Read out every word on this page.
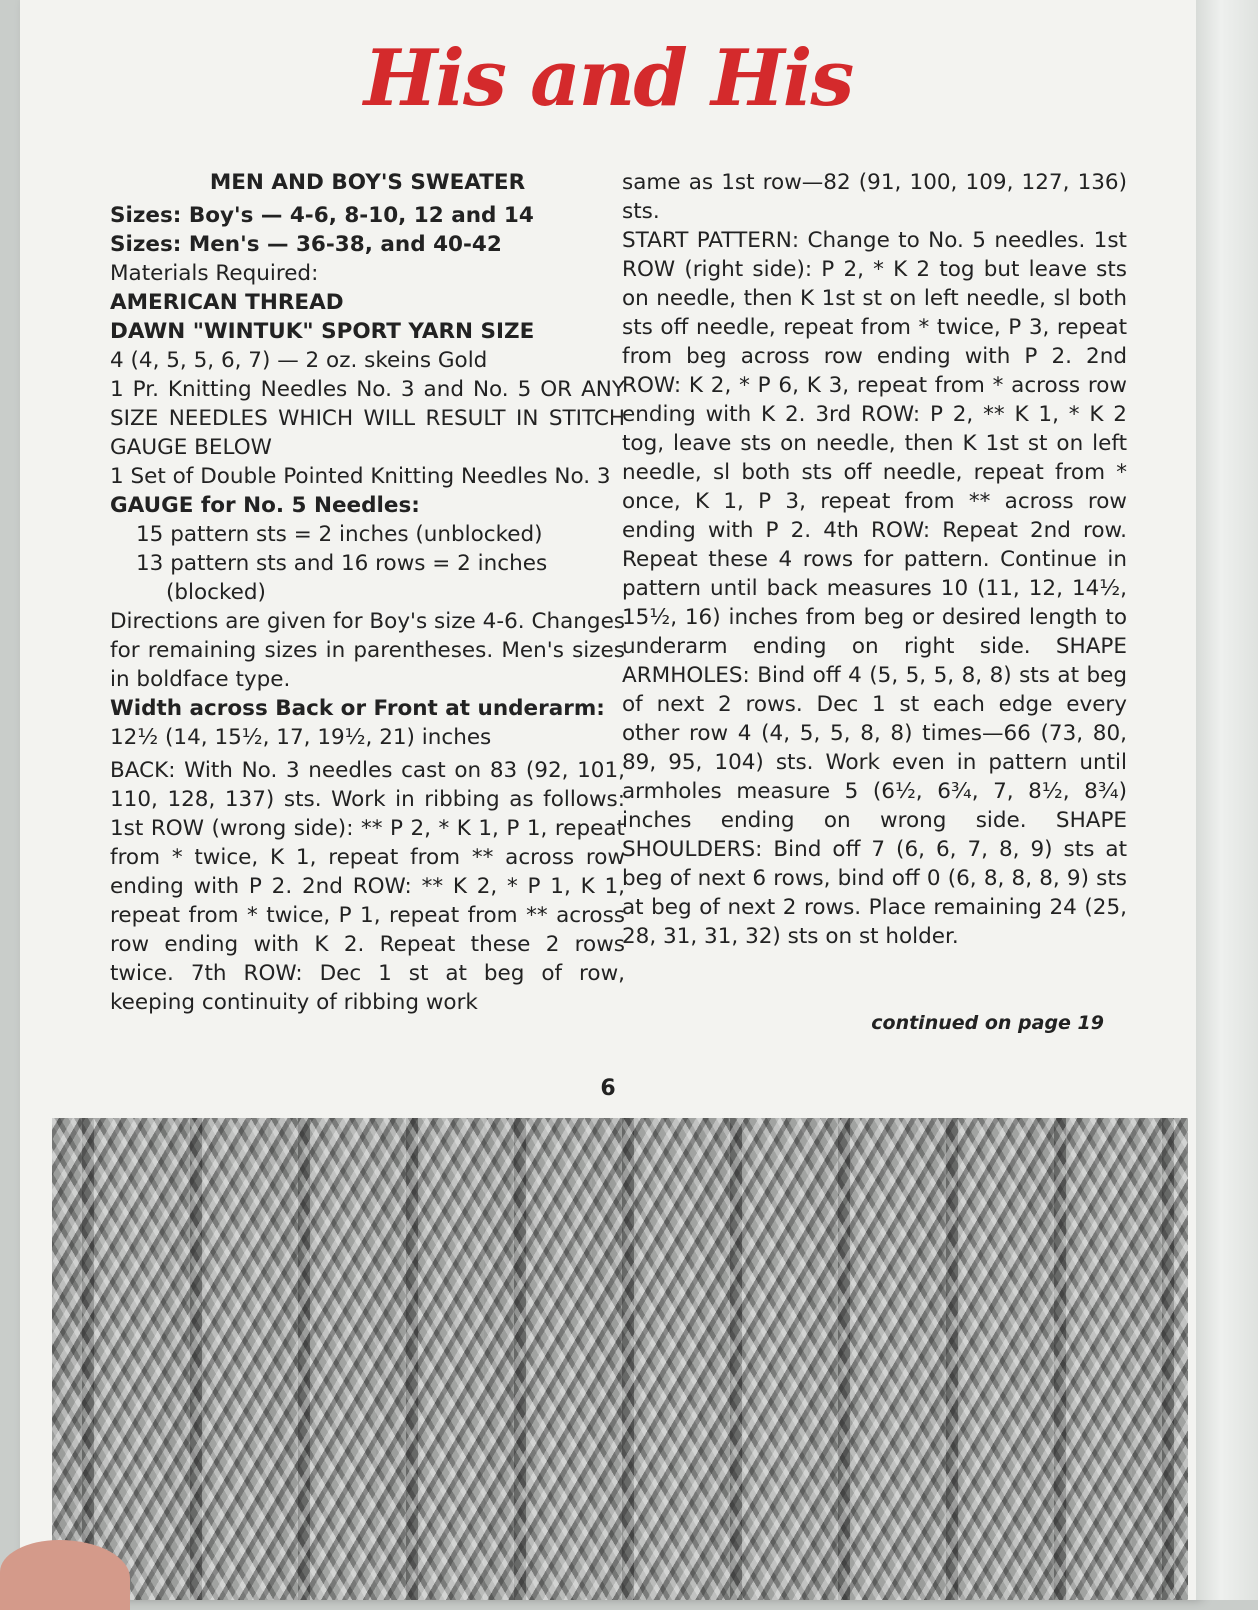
His and His

MEN AND BOY'S SWEATER

Sizes: Boy's — 4-6, 8-10, 12 and 14

Sizes: Men's — 36-38, and 40-42

Materials Required:

AMERICAN THREAD

DAWN "WINTUK" SPORT YARN SIZE

4 (4, 5, 5, 6, 7) — 2 oz. skeins Gold

1 Pr. Knitting Needles No. 3 and No. 5 OR ANY SIZE NEEDLES WHICH WILL RESULT IN STITCH GAUGE BELOW

1 Set of Double Pointed Knitting Needles No. 3

GAUGE for No. 5 Needles:

15 pattern sts = 2 inches (unblocked)

13 pattern sts and 16 rows = 2 inches

(blocked)

Directions are given for Boy's size 4-6. Changes for remaining sizes in parentheses. Men's sizes in boldface type.

Width across Back or Front at underarm:

12½ (14, 15½, 17, 19½, 21) inches

BACK: With No. 3 needles cast on 83 (92, 101, 110, 128, 137) sts. Work in ribbing as follows: 1st ROW (wrong side): ** P 2, * K 1, P 1, repeat from * twice, K 1, repeat from ** across row ending with P 2. 2nd ROW: ** K 2, * P 1, K 1, repeat from * twice, P 1, repeat from ** across row ending with K 2. Repeat these 2 rows twice. 7th ROW: Dec 1 st at beg of row, keeping continuity of ribbing work

same as 1st row—82 (91, 100, 109, 127, 136) sts.

START PATTERN: Change to No. 5 needles. 1st ROW (right side): P 2, * K 2 tog but leave sts on needle, then K 1st st on left needle, sl both sts off needle, repeat from * twice, P 3, repeat from beg across row ending with P 2. 2nd ROW: K 2, * P 6, K 3, repeat from * across row ending with K 2. 3rd ROW: P 2, ** K 1, * K 2 tog, leave sts on needle, then K 1st st on left needle, sl both sts off needle, repeat from * once, K 1, P 3, repeat from ** across row ending with P 2. 4th ROW: Repeat 2nd row. Repeat these 4 rows for pattern. Continue in pattern until back measures 10 (11, 12, 14½, 15½, 16) inches from beg or desired length to underarm ending on right side. SHAPE ARMHOLES: Bind off 4 (5, 5, 5, 8, 8) sts at beg of next 2 rows. Dec 1 st each edge every other row 4 (4, 5, 5, 8, 8) times—66 (73, 80, 89, 95, 104) sts. Work even in pattern until armholes measure 5 (6½, 6¾, 7, 8½, 8¾) inches ending on wrong side. SHAPE SHOULDERS: Bind off 7 (6, 6, 7, 8, 9) sts at beg of next 6 rows, bind off 0 (6, 8, 8, 8, 9) sts at beg of next 2 rows. Place remaining 24 (25, 28, 31, 31, 32) sts on st holder.

continued on page 19
6
